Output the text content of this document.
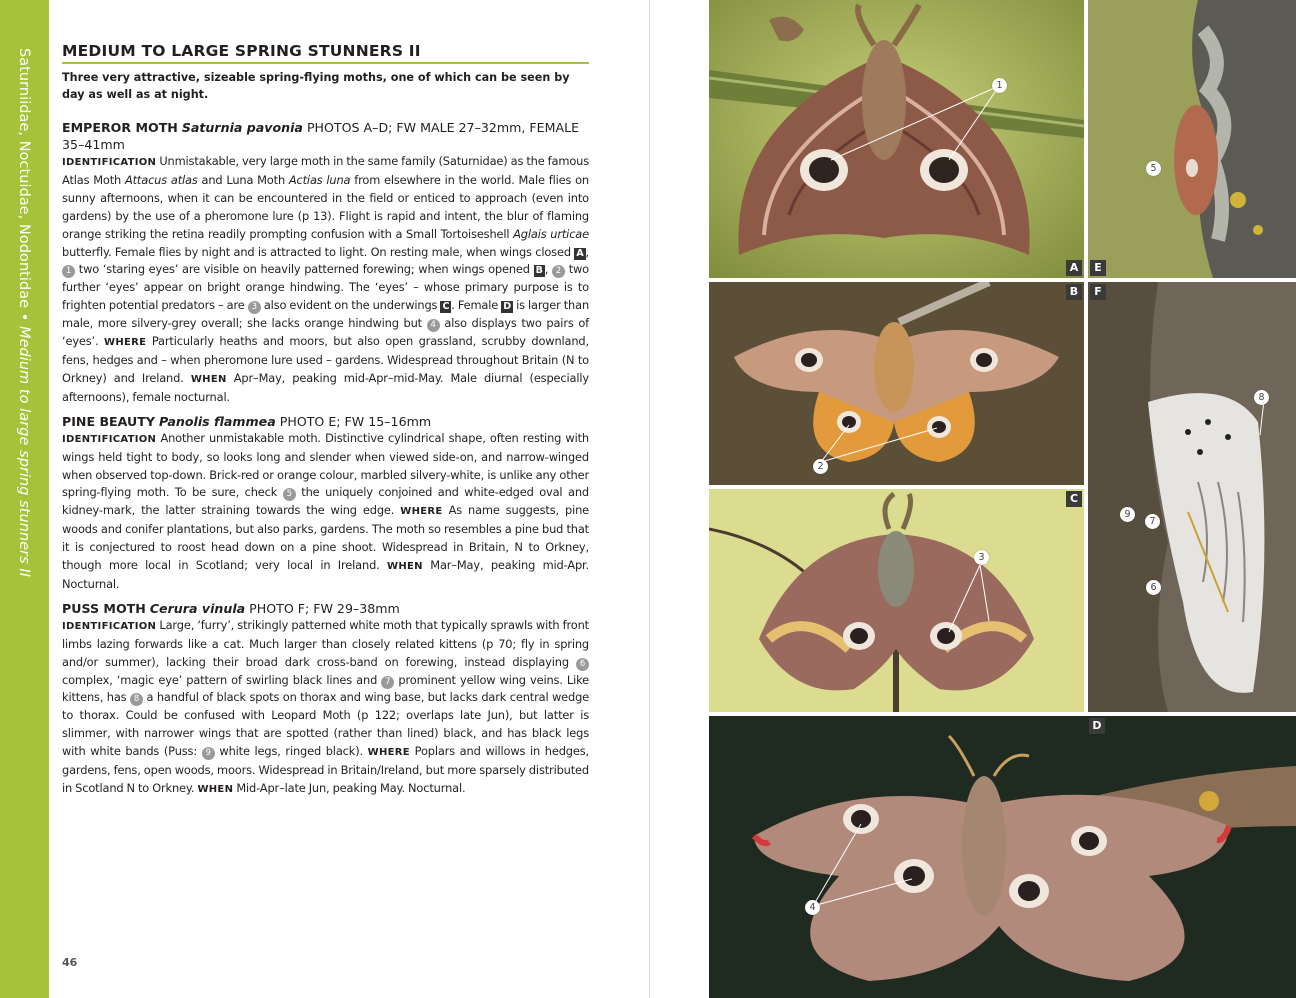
Saturniidae, Noctuidae, Nodontidae • Medium to large spring stunners II
MEDIUM TO LARGE SPRING STUNNERS II

Three very attractive, sizeable spring-flying moths, one of which can be seen by day as well as at night.

EMPEROR MOTH Saturnia pavonia PHOTOS A–D; FW MALE 27–32mm, FEMALE 35–41mm

IDENTIFICATION Unmistakable, very large moth in the same family (Saturnidae) as the famous Atlas Moth Attacus atlas and Luna Moth Actias luna from elsewhere in the world. Male flies on sunny afternoons, when it can be encountered in the field or enticed to approach (even into gardens) by the use of a pheromone lure (p 13). Flight is rapid and intent, the blur of flaming orange striking the retina readily prompting confusion with a Small Tortoiseshell Aglais urticae butterfly. Female flies by night and is attracted to light. On resting male, when wings closed A , 1 two ‘staring eyes’ are visible on heavily patterned forewing; when wings opened B , 2 two further ‘eyes’ appear on bright orange hindwing. The ‘eyes’ – whose primary purpose is to frighten potential predators – are 3 also evident on the underwings C . Female D is larger than male, more silvery-grey overall; she lacks orange hindwing but 4 also displays two pairs of ‘eyes’. WHERE Particularly heaths and moors, but also open grassland, scrubby downland, fens, hedges and – when pheromone lure used – gardens. Widespread throughout Britain (N to Orkney) and Ireland. WHEN Apr–May, peaking mid-Apr–mid-May. Male diurnal (especially afternoons), female nocturnal.

PINE BEAUTY Panolis flammea PHOTO E; FW 15–16mm

IDENTIFICATION Another unmistakable moth. Distinctive cylindrical shape, often resting with wings held tight to body, so looks long and slender when viewed side-on, and narrow-winged when observed top-down. Brick-red or orange colour, marbled silvery-white, is unlike any other spring-flying moth. To be sure, check 5 the uniquely conjoined and white-edged oval and kidney-mark, the latter straining towards the wing edge. WHERE As name suggests, pine woods and conifer plantations, but also parks, gardens. The moth so resembles a pine bud that it is conjectured to roost head down on a pine shoot. Widespread in Britain, N to Orkney, though more local in Scotland; very local in Ireland. WHEN Mar–May, peaking mid-Apr. Nocturnal.

PUSS MOTH Cerura vinula PHOTO F; FW 29–38mm

IDENTIFICATION Large, ‘furry’, strikingly patterned white moth that typically sprawls with front limbs lazing forwards like a cat. Much larger than closely related kittens (p 70; fly in spring and/or summer), lacking their broad dark cross-band on forewing, instead displaying 6 complex, ‘magic eye’ pattern of swirling black lines and 7 prominent yellow wing veins. Like kittens, has 8 a handful of black spots on thorax and wing base, but lacks dark central wedge to thorax. Could be confused with Leopard Moth (p 122; overlaps late Jun), but latter is slimmer, with narrower wings that are spotted (rather than lined) black, and has black legs with white bands (Puss: 9 white legs, ringed black). WHERE Poplars and willows in hedges, gardens, fens, open woods, moors. Widespread in Britain/Ireland, but more sparsely distributed in Scotland N to Orkney. WHEN Mid-Apr–late Jun, peaking May. Nocturnal.

46
1
A
5
E
2
B
8
9
7
6
F
3
C
4
D
